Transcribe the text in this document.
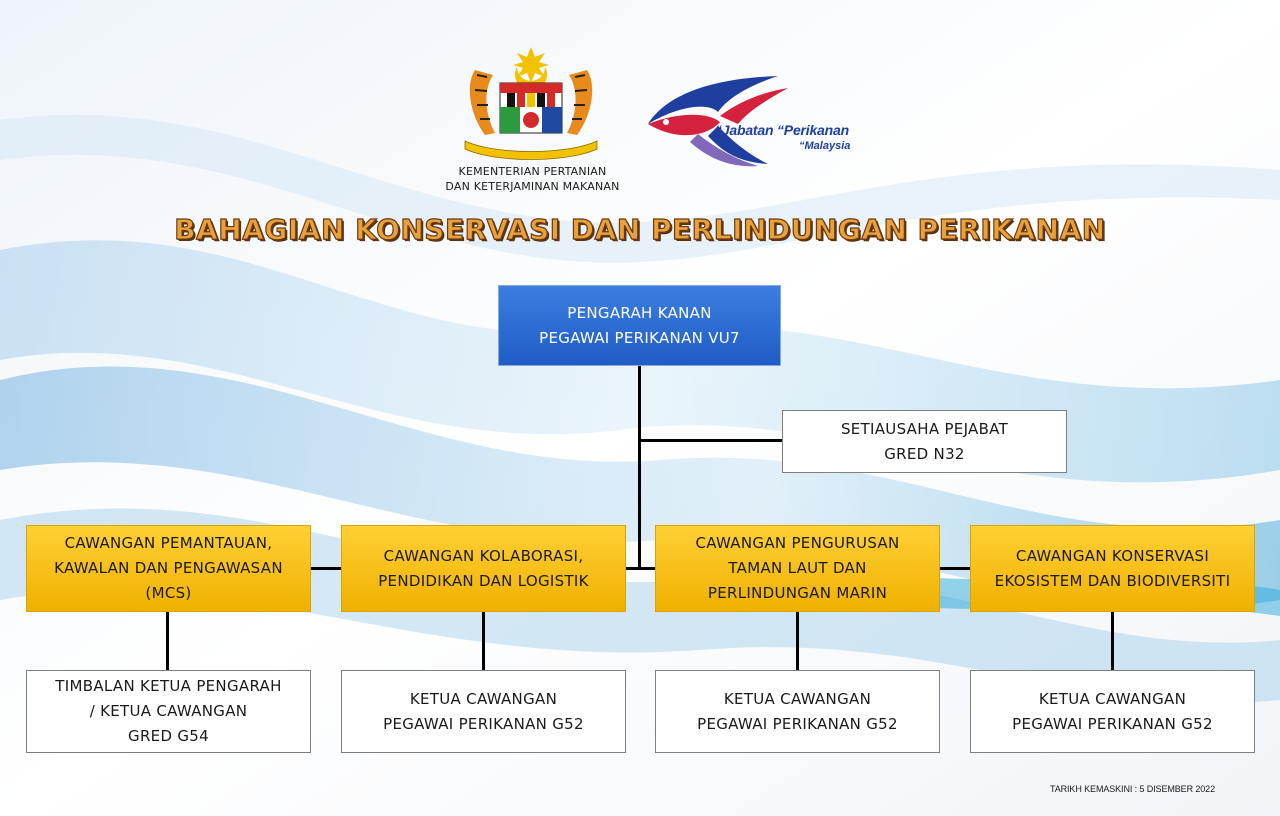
KEMENTERIAN PERTANIAN
DAN KETERJAMINAN MAKANAN
“Jabatan “Perikanan
“Malaysia
BAHAGIAN KONSERVASI DAN PERLINDUNGAN PERIKANAN
PENGARAH KANAN
PEGAWAI PERIKANAN VU7
SETIAUSAHA PEJABAT
GRED N32
CAWANGAN PEMANTAUAN,
KAWALAN DAN PENGAWASAN
(MCS)
CAWANGAN KOLABORASI,
PENDIDIKAN DAN LOGISTIK
CAWANGAN PENGURUSAN
TAMAN LAUT DAN
PERLINDUNGAN MARIN
CAWANGAN KONSERVASI
EKOSISTEM DAN BIODIVERSITI
TIMBALAN KETUA PENGARAH
/ KETUA CAWANGAN
GRED G54
KETUA CAWANGAN
PEGAWAI PERIKANAN G52
KETUA CAWANGAN
PEGAWAI PERIKANAN G52
KETUA CAWANGAN
PEGAWAI PERIKANAN G52
TARIKH KEMASKINI : 5 DISEMBER 2022
